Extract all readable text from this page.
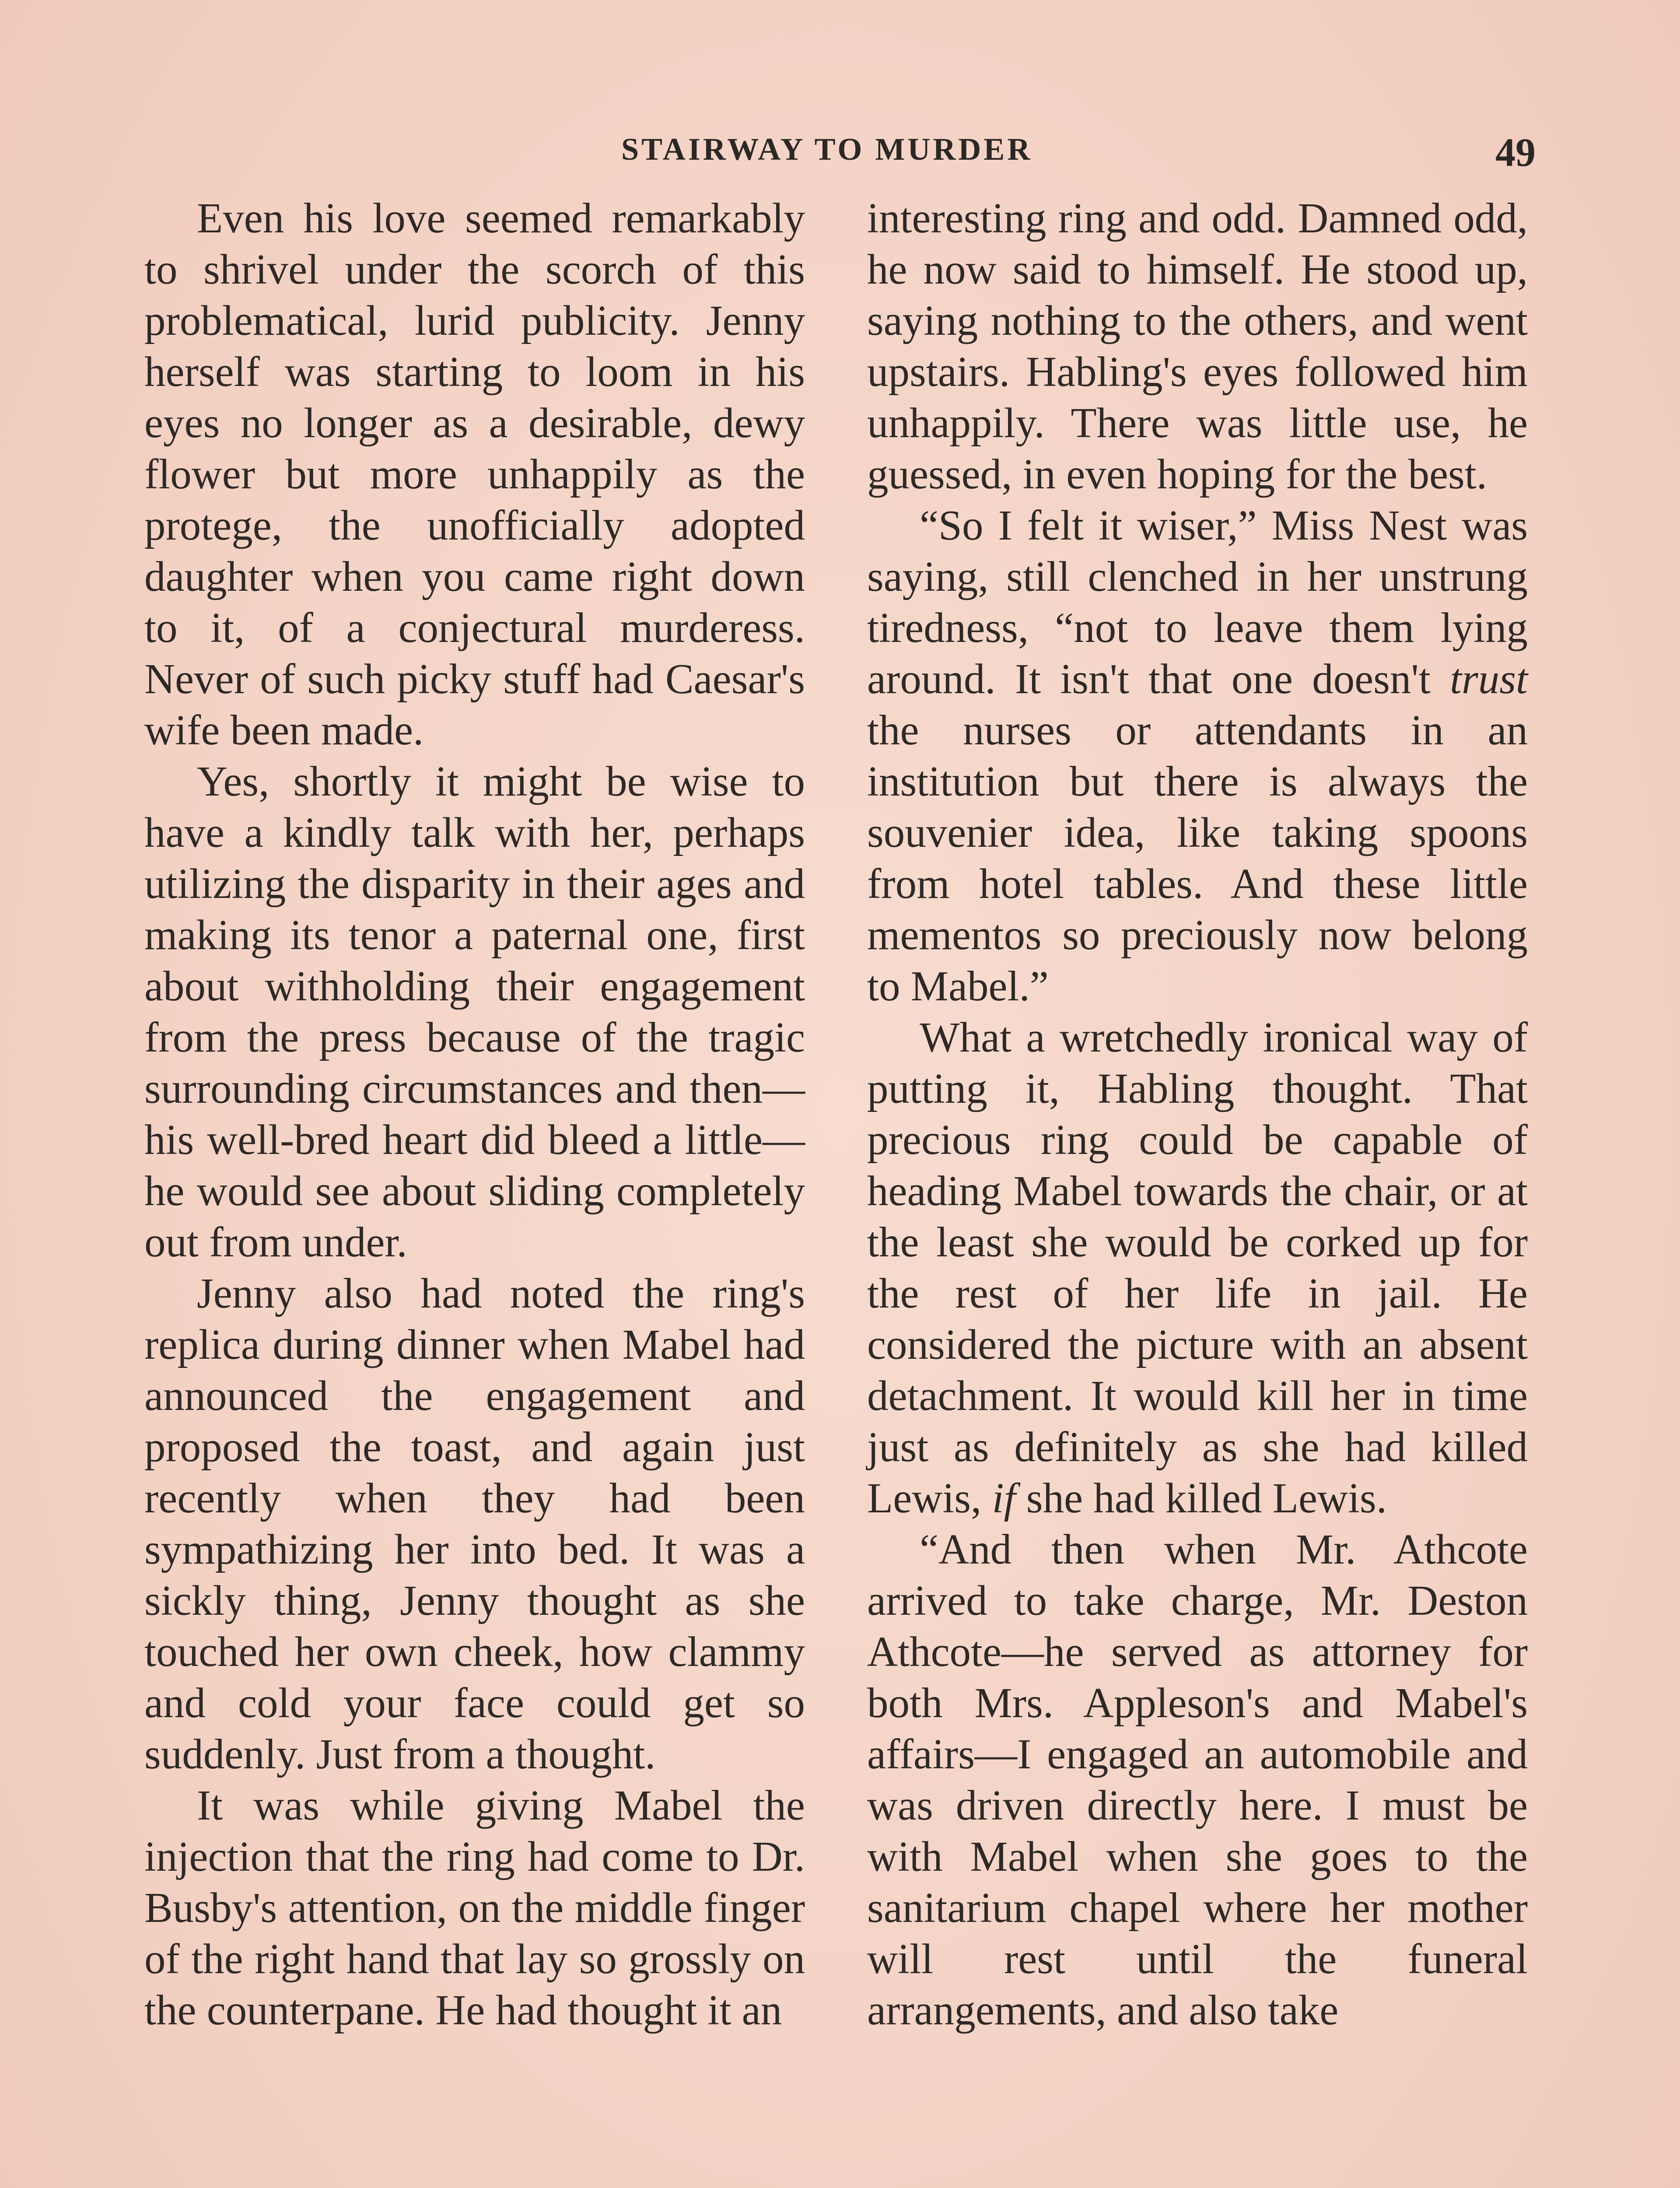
STAIRWAY TO MURDER	49

Even his love seemed remarkably to shrivel under the scorch of this problematical, lurid publicity. Jenny herself was starting to loom in his eyes no longer as a desirable, dewy flower but more unhappily as the protege, the unofficially adopted daughter when you came right down to it, of a conjectural murderess. Never of such picky stuff had Caesar's wife been made.

Yes, shortly it might be wise to have a kindly talk with her, perhaps utilizing the disparity in their ages and making its tenor a paternal one, first about withholding their engagement from the press because of the tragic surrounding circumstances and then—his well-bred heart did bleed a little—he would see about sliding completely out from under.

Jenny also had noted the ring's replica during dinner when Mabel had announced the engagement and proposed the toast, and again just recently when they had been sympathizing her into bed. It was a sickly thing, Jenny thought as she touched her own cheek, how clammy and cold your face could get so suddenly. Just from a thought.

It was while giving Mabel the injection that the ring had come to Dr. Busby's attention, on the middle finger of the right hand that lay so grossly on the counterpane. He had thought it an

interesting ring and odd. Damned odd, he now said to himself. He stood up, saying nothing to the others, and went upstairs. Habling's eyes followed him unhappily. There was little use, he guessed, in even hoping for the best.

“So I felt it wiser,” Miss Nest was saying, still clenched in her unstrung tiredness, “not to leave them lying around. It isn't that one doesn't trust the nurses or attendants in an institution but there is always the souvenier idea, like taking spoons from hotel tables. And these little mementos so preciously now belong to Mabel.”

What a wretchedly ironical way of putting it, Habling thought. That precious ring could be capable of heading Mabel towards the chair, or at the least she would be corked up for the rest of her life in jail. He considered the picture with an absent detachment. It would kill her in time just as definitely as she had killed Lewis, if she had killed Lewis.

“And then when Mr. Athcote arrived to take charge, Mr. Deston Athcote—he served as attorney for both Mrs. Appleson's and Mabel's affairs—I engaged an automobile and was driven directly here. I must be with Mabel when she goes to the sanitarium chapel where her mother will rest until the funeral arrangements, and also take
